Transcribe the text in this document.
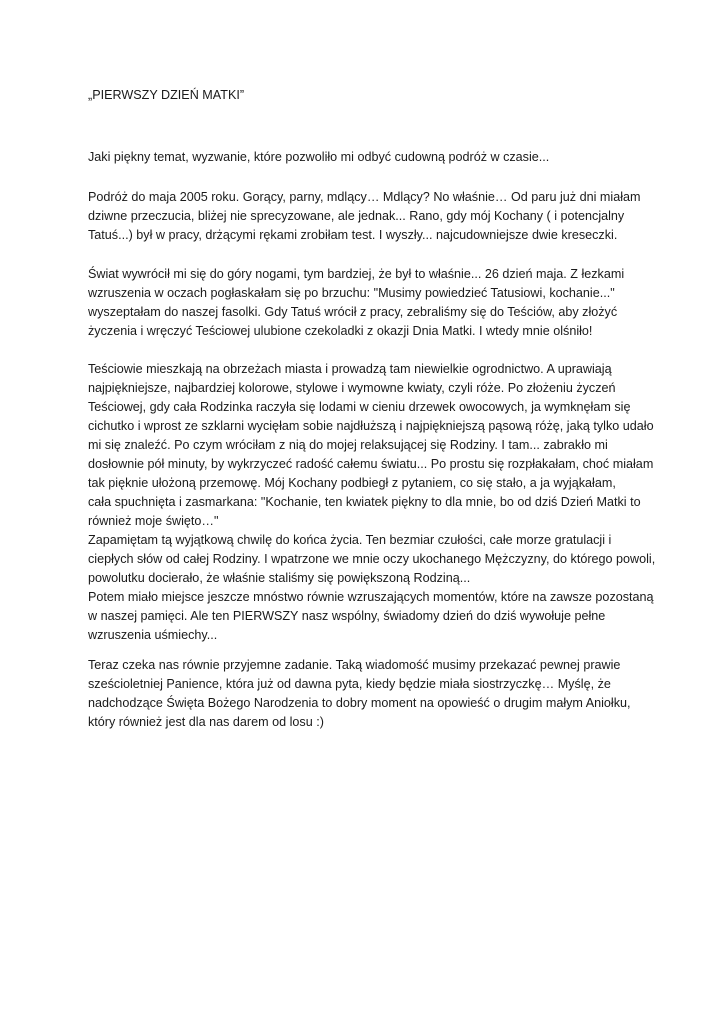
„PIERWSZY DZIEŃ MATKI”

Jaki piękny temat, wyzwanie, które pozwoliło mi odbyć cudowną podróż w czasie...

Podróż do maja 2005 roku. Gorący, parny, mdlący… Mdlący? No właśnie… Od paru już dni miałam

dziwne przeczucia, bliżej nie sprecyzowane, ale jednak... Rano, gdy mój Kochany ( i potencjalny

Tatuś...) był w pracy, drżącymi rękami zrobiłam test. I wyszły... najcudowniejsze dwie kreseczki.

Świat wywrócił mi się do góry nogami, tym bardziej, że był to właśnie... 26 dzień maja. Z łezkami

wzruszenia w oczach pogłaskałam się po brzuchu: "Musimy powiedzieć Tatusiowi, kochanie..."

wyszeptałam do naszej fasolki. Gdy Tatuś wrócił z pracy, zebraliśmy się do Teściów, aby złożyć

życzenia i wręczyć Teściowej ulubione czekoladki z okazji Dnia Matki. I wtedy mnie olśniło!

Teściowie mieszkają na obrzeżach miasta i prowadzą tam niewielkie ogrodnictwo. A uprawiają

najpiękniejsze, najbardziej kolorowe, stylowe i wymowne kwiaty, czyli róże. Po złożeniu życzeń

Teściowej, gdy cała Rodzinka raczyła się lodami w cieniu drzewek owocowych, ja wymknęłam się

cichutko i wprost ze szklarni wycięłam sobie najdłuższą i najpiękniejszą pąsową różę, jaką tylko udało

mi się znaleźć. Po czym wróciłam z nią do mojej relaksującej się Rodziny. I tam... zabrakło mi

dosłownie pół minuty, by wykrzyczeć radość całemu światu... Po prostu się rozpłakałam, choć miałam

tak pięknie ułożoną przemowę. Mój Kochany podbiegł z pytaniem, co się stało, a ja wyjąkałam,

cała spuchnięta i zasmarkana: "Kochanie, ten kwiatek piękny to dla mnie, bo od dziś Dzień Matki to

również moje święto…"

Zapamiętam tą wyjątkową chwilę do końca życia. Ten bezmiar czułości, całe morze gratulacji i

ciepłych słów od całej Rodziny. I wpatrzone we mnie oczy ukochanego Mężczyzny, do którego powoli,

powolutku docierało, że właśnie staliśmy się powiększoną Rodziną...

Potem miało miejsce jeszcze mnóstwo równie wzruszających momentów, które na zawsze pozostaną

w naszej pamięci. Ale ten PIERWSZY nasz wspólny, świadomy dzień do dziś wywołuje pełne

wzruszenia uśmiechy...

Teraz czeka nas równie przyjemne zadanie. Taką wiadomość musimy przekazać pewnej prawie

sześcioletniej Panience, która już od dawna pyta, kiedy będzie miała siostrzyczkę… Myślę, że

nadchodzące Święta Bożego Narodzenia to dobry moment na opowieść o drugim małym Aniołku,

który również jest dla nas darem od losu :)
